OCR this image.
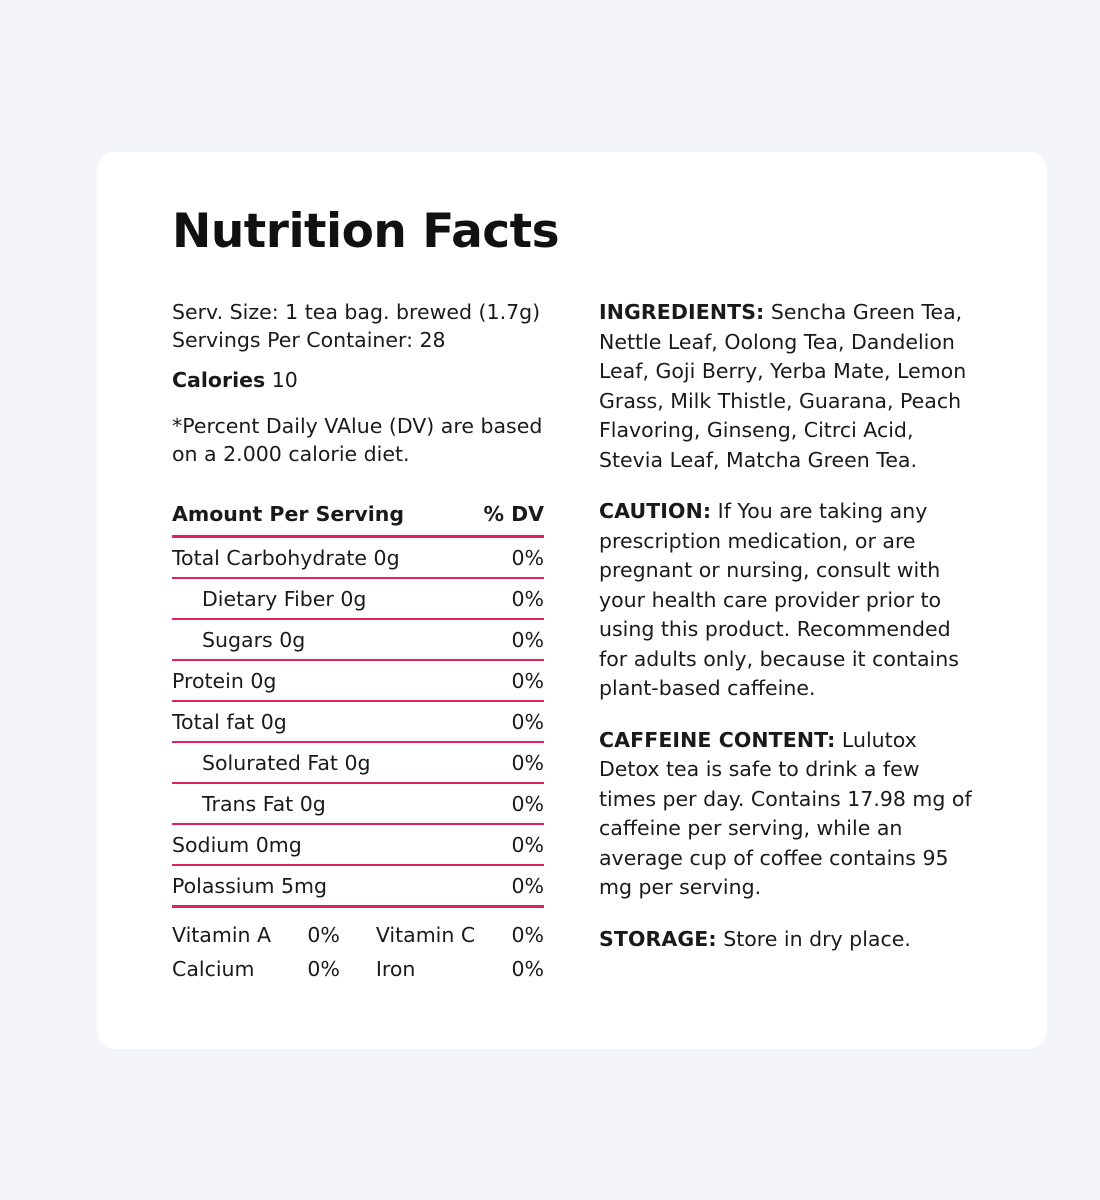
Nutrition Facts
Serv. Size: 1 tea bag. brewed (1.7g)
Servings Per Container: 28
Calories 10
*Percent Daily VAlue (DV) are based on a 2.000 calorie diet.
Amount Per Serving	% DV
Total Carbohydrate 0g	0%
Dietary Fiber 0g	0%
Sugars 0g	0%
Protein 0g	0%
Total fat 0g	0%
Solurated Fat 0g	0%
Trans Fat 0g	0%
Sodium 0mg	0%
Polassium 5mg	0%
Vitamin A	0%	Vitamin C	0%
Calcium	0%	Iron	0%

INGREDIENTS: Sencha Green Tea, Nettle Leaf, Oolong Tea, Dandelion Leaf, Goji Berry, Yerba Mate, Lemon Grass, Milk Thistle, Guarana, Peach Flavoring, Ginseng, Citrci Acid, Stevia Leaf, Matcha Green Tea.

CAUTION: If You are taking any prescription medication, or are pregnant or nursing, consult with your health care provider prior to using this product. Recommended for adults only, because it contains plant-based caffeine.

CAFFEINE CONTENT: Lulutox Detox tea is safe to drink a few times per day. Contains 17.98 mg of caffeine per serving, while an average cup of coffee contains 95 mg per serving.

STORAGE: Store in dry place.
